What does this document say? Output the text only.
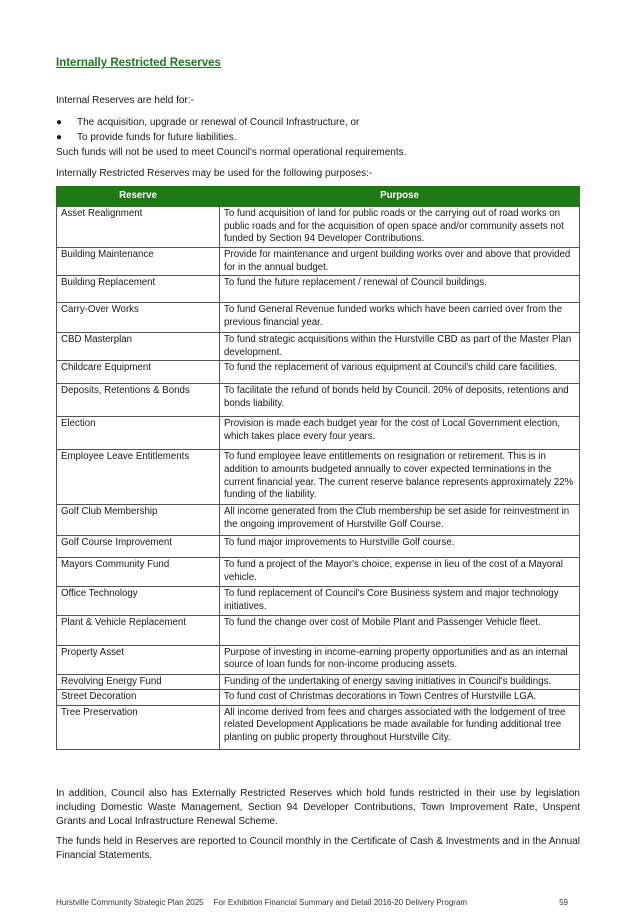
Internally Restricted Reserves
Internal Reserves are held for:-
●	The acquisition, upgrade or renewal of Council Infrastructure, or
●	To provide funds for future liabilities.
Such funds will not be used to meet Council's normal operational requirements.
Internally Restricted Reserves may be used for the following purposes:-
Reserve	Purpose
Asset Realignment	To fund acquisition of land for public roads or the carrying out of road works on public roads and for the acquisition of open space and/or community assets not funded by Section 94 Developer Contributions.
Building Maintenance	Provide for maintenance and urgent building works over and above that provided for in the annual budget.
Building Replacement	To fund the future replacement / renewal of Council buildings.
Carry-Over Works	To fund General Revenue funded works which have been carried over from the previous financial year.
CBD Masterplan	To fund strategic acquisitions within the Hurstville CBD as part of the Master Plan development.
Childcare Equipment	To fund the replacement of various equipment at Council's child care facilities.
Deposits, Retentions & Bonds	To facilitate the refund of bonds held by Council. 20% of deposits, retentions and bonds liability.
Election	Provision is made each budget year for the cost of Local Government election, which takes place every four years.
Employee Leave Entitlements	To fund employee leave entitlements on resignation or retirement. This is in addition to amounts budgeted annually to cover expected terminations in the current financial year. The current reserve balance represents approximately 22% funding of the liability.
Golf Club Membership	All income generated from the Club membership be set aside for reinvestment in the ongoing improvement of Hurstville Golf Course.
Golf Course Improvement	To fund major improvements to Hurstville Golf course.
Mayors Community Fund	To fund a project of the Mayor's choice, expense in lieu of the cost of a Mayoral vehicle.
Office Technology	To fund replacement of Council's Core Business system and major technology initiatives.
Plant & Vehicle Replacement	To fund the change over cost of Mobile Plant and Passenger Vehicle fleet.
Property Asset	Purpose of investing in income-earning property opportunities and as an internal source of loan funds for non-income producing assets.
Revolving Energy Fund	Funding of the undertaking of energy saving initiatives in Council's buildings.
Street Decoration	To fund cost of Christmas decorations in Town Centres of Hurstville LGA.
Tree Preservation	All income derived from fees and charges associated with the lodgement of tree related Development Applications be made available for funding additional tree planting on public property throughout Hurstville City.
In addition, Council also has Externally Restricted Reserves which hold funds restricted in their use by legislation including Domestic Waste Management, Section 94 Developer Contributions, Town Improvement Rate, Unspent Grants and Local Infrastructure Renewal Scheme.
The funds held in Reserves are reported to Council monthly in the Certificate of Cash & Investments and in the Annual Financial Statements.
Hurstville Community Strategic Plan 2025 For Exhibition Financial Summary and Detail 2016-20 Delivery Program	59
